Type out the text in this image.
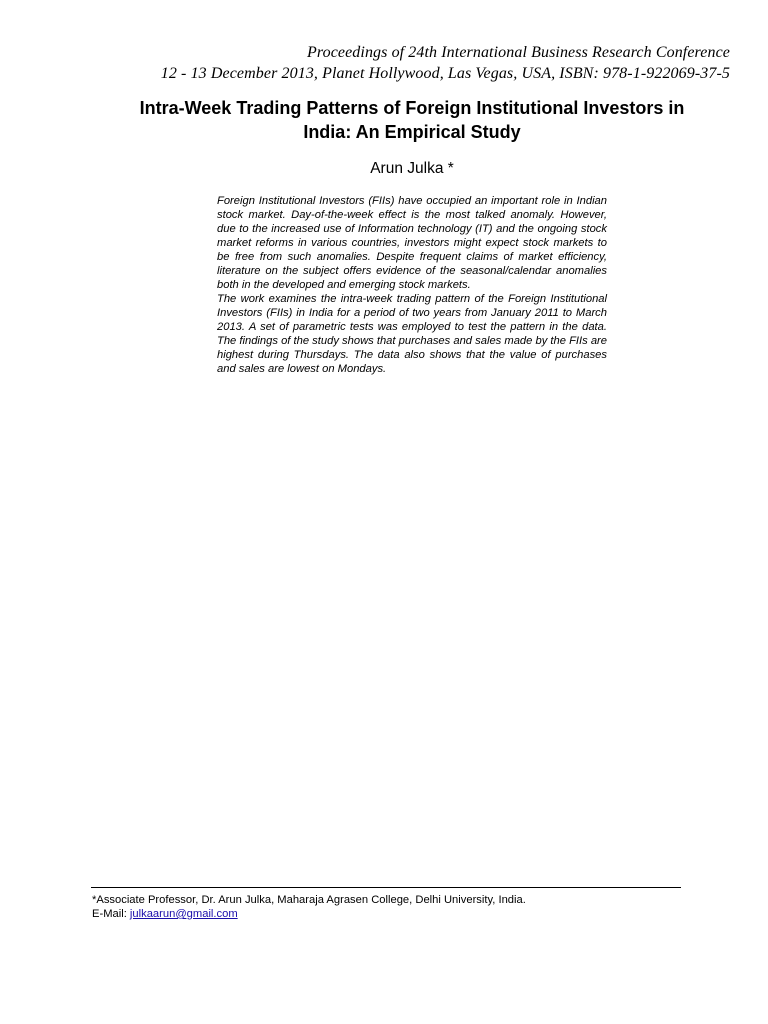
Proceedings of 24th International Business Research Conference
12 - 13 December 2013, Planet Hollywood, Las Vegas, USA, ISBN: 978-1-922069-37-5
Intra-Week Trading Patterns of Foreign Institutional Investors in
India: An Empirical Study
Arun Julka *

Foreign Institutional Investors (FIIs) have occupied an important role in Indian stock market. Day-of-the-week effect is the most talked anomaly. However, due to the increased use of Information technology (IT) and the ongoing stock market reforms in various countries, investors might expect stock markets to be free from such anomalies. Despite frequent claims of market efficiency, literature on the subject offers evidence of the seasonal/calendar anomalies both in the developed and emerging stock markets.

The work examines the intra-week trading pattern of the Foreign Institutional Investors (FIIs) in India for a period of two years from January 2011 to March 2013. A set of parametric tests was employed to test the pattern in the data. The findings of the study shows that purchases and sales made by the FIIs are highest during Thursdays. The data also shows that the value of purchases and sales are lowest on Mondays.

*Associate Professor, Dr. Arun Julka, Maharaja Agrasen College, Delhi University, India.
E-Mail: julkaarun@gmail.com
